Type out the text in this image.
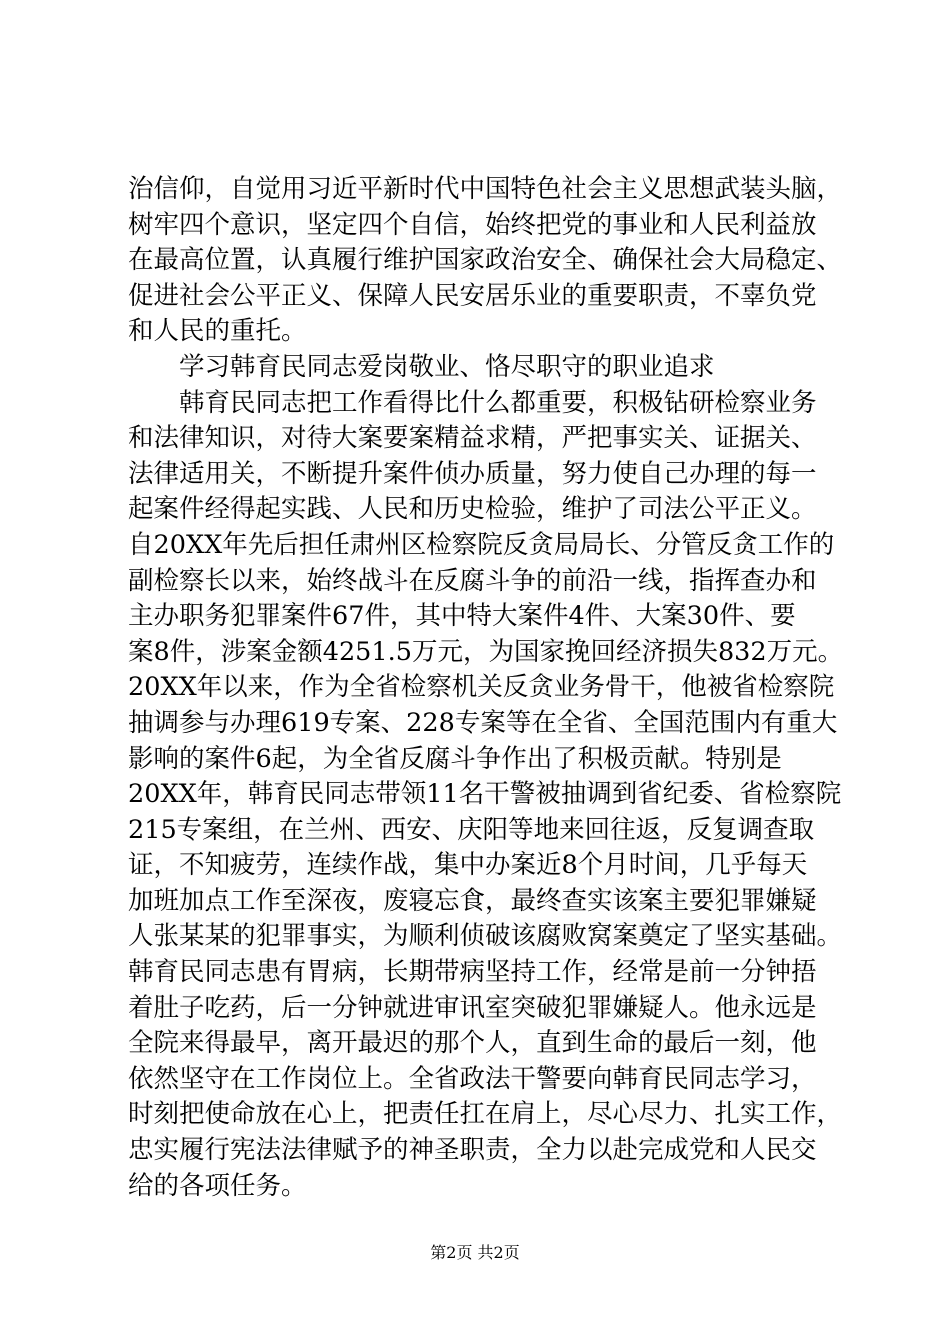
治信仰，自觉用习近平新时代中国特色社会主义思想武装头脑，
树牢四个意识，坚定四个自信，始终把党的事业和人民利益放
在最高位置，认真履行维护国家政治安全、确保社会大局稳定、
促进社会公平正义、保障人民安居乐业的重要职责，不辜负党
和人民的重托。
　　学习韩育民同志爱岗敬业、恪尽职守的职业追求
　　韩育民同志把工作看得比什么都重要，积极钻研检察业务
和法律知识，对待大案要案精益求精，严把事实关、证据关、
法律适用关，不断提升案件侦办质量，努力使自己办理的每一
起案件经得起实践、人民和历史检验，维护了司法公平正义。
自20XX年先后担任肃州区检察院反贪局局长、分管反贪工作的
副检察长以来，始终战斗在反腐斗争的前沿一线，指挥查办和
主办职务犯罪案件67件，其中特大案件4件、大案30件、要
案8件，涉案金额4251.5万元，为国家挽回经济损失832万元。
20XX年以来，作为全省检察机关反贪业务骨干，他被省检察院
抽调参与办理619专案、228专案等在全省、全国范围内有重大
影响的案件6起，为全省反腐斗争作出了积极贡献。特别是
20XX年，韩育民同志带领11名干警被抽调到省纪委、省检察院
215专案组，在兰州、西安、庆阳等地来回往返，反复调查取
证，不知疲劳，连续作战，集中办案近8个月时间，几乎每天
加班加点工作至深夜，废寝忘食，最终查实该案主要犯罪嫌疑
人张某某的犯罪事实，为顺利侦破该腐败窝案奠定了坚实基础。
韩育民同志患有胃病，长期带病坚持工作，经常是前一分钟捂
着肚子吃药，后一分钟就进审讯室突破犯罪嫌疑人。他永远是
全院来得最早，离开最迟的那个人，直到生命的最后一刻，他
依然坚守在工作岗位上。全省政法干警要向韩育民同志学习，
时刻把使命放在心上，把责任扛在肩上，尽心尽力、扎实工作，
忠实履行宪法法律赋予的神圣职责，全力以赴完成党和人民交
给的各项任务。
第2页 共2页
